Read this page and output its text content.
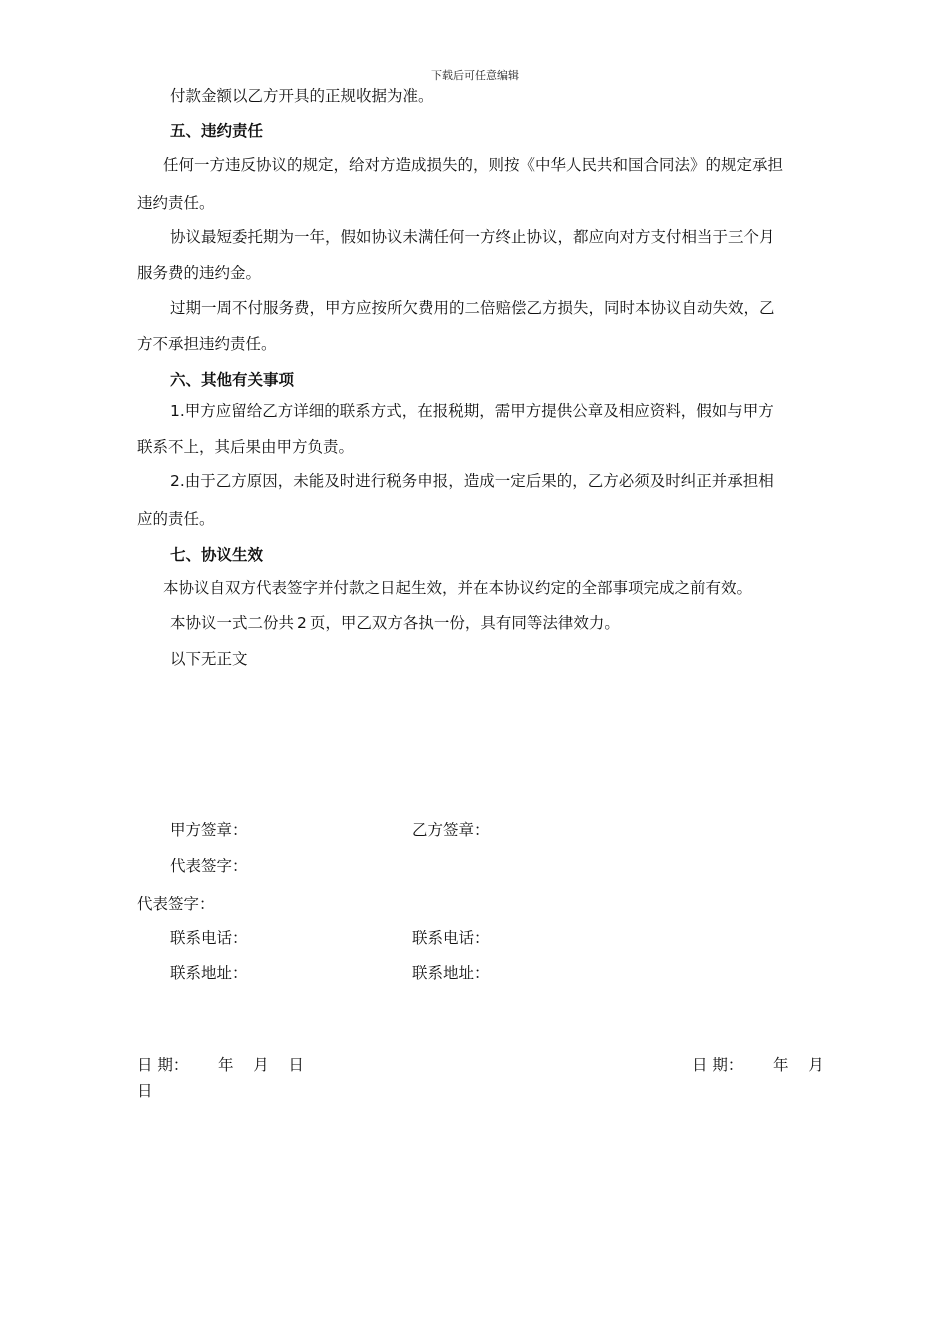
下载后可任意编辑
付款金额以乙方开具的正规收据为准。
五、违约责任
任何一方违反协议的规定，给对方造成损失的，则按《中华人民共和国合同法》的规定承担
违约责任。
协议最短委托期为一年，假如协议未满任何一方终止协议，都应向对方支付相当于三个月
服务费的违约金。
过期一周不付服务费，甲方应按所欠费用的二倍赔偿乙方损失，同时本协议自动失效，乙
方不承担违约责任。
六、其他有关事项
1.甲方应留给乙方详细的联系方式，在报税期，需甲方提供公章及相应资料，假如与甲方
联系不上，其后果由甲方负责。
2.由于乙方原因，未能及时进行税务申报，造成一定后果的，乙方必须及时纠正并承担相
应的责任。
七、协议生效
本协议自双方代表签字并付款之日起生效，并在本协议约定的全部事项完成之前有效。
本协议一式二份共 2 页，甲乙双方各执一份，具有同等法律效力。
以下无正文
甲方签章：	乙方签章：
代表签字：
代表签字：
联系电话：	联系电话：
联系地址：	联系地址：
日 期：      年    月    日	日 期：      年    月
日
